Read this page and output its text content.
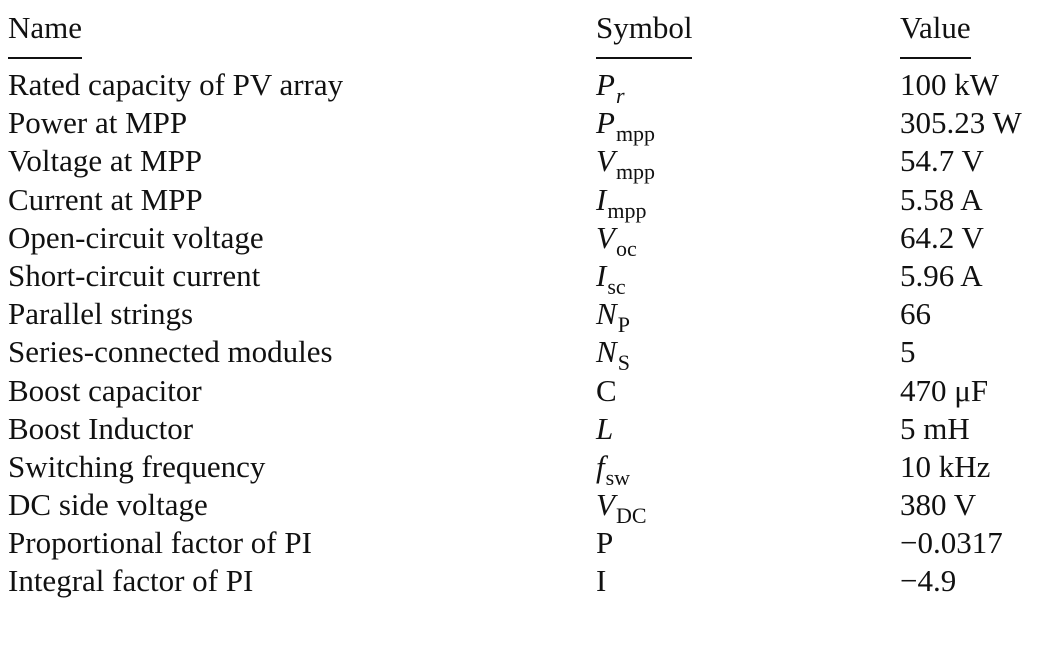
Name	Symbol	Value
Rated capacity of PV array	$P_r$	100 kW
Power at MPP	$P_{mpp}$	305.23 W
Voltage at MPP	$V_{mpp}$	54.7 V
Current at MPP	$I_{mpp}$	5.58 A
Open-circuit voltage	$V_{oc}$	64.2 V
Short-circuit current	$I_{sc}$	5.96 A
Parallel strings	$N_P$	66
Series-connected modules	$N_S$	5
Boost capacitor	C	470 μF
Boost Inductor	L	5 mH
Switching frequency	$f_{sw}$	10 kHz
DC side voltage	$V_{DC}$	380 V
Proportional factor of PI	P	−0.0317
Integral factor of PI	I	−4.9
